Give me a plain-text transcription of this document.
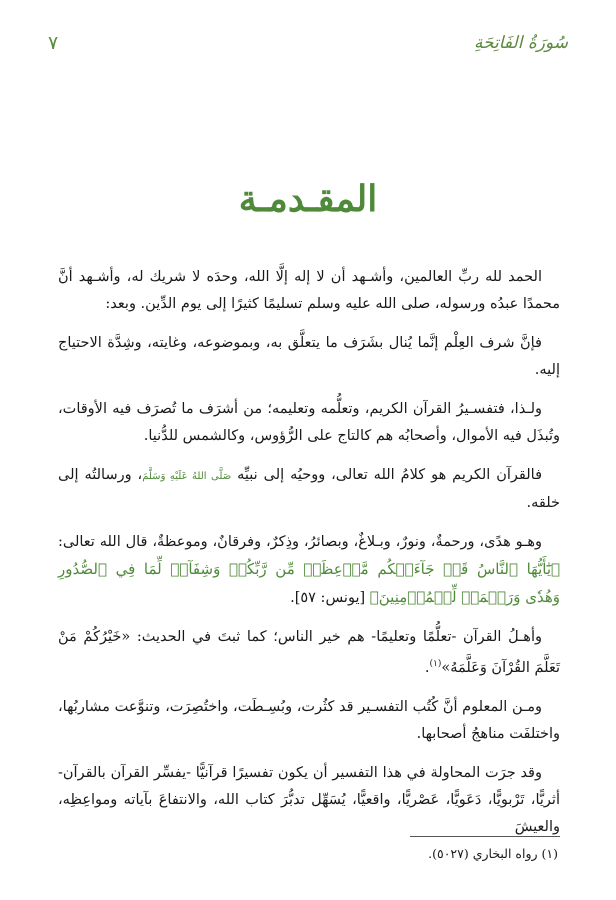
سُورَةُ الفَاتِحَةِ
٧
المقـدمـة

الحمد لله ربِّ العالمين، وأشـهد أن لا إله إلَّا الله، وحدَه لا شريك له، وأشـهد أنَّ محمدًا عبدُه ورسوله، صلى الله عليه وسلم تسليمًا كثيرًا إلى يوم الدِّين. وبعد:

فإنَّ شرف العِلْم إنَّما يُنال بشَرَف ما يتعلَّق به، وبموضوعه، وغايته، وشِدَّة الاحتياج إليه.

ولـذا، فتفسـيرُ القرآن الكريم، وتعلُّمه وتعليمه؛ من أشرَف ما تُصرَف فيه الأوقات، وتُبذَل فيه الأموال، وأصحابُه هم كالتاج على الرُّؤوس، وكالشمس للدُّنيا.

فالقرآن الكريم هو كلامُ الله تعالى، ووحيُه إلى نبيِّه صَلَّى اللهُ عَلَيْهِ وَسَلَّمَ، ورسالتُه إلى خلقه.

وهـو هدًى، ورحمةٌ، ونورٌ، وبـلاغٌ، وبصائرُ، وذِكرٌ، وفرقانٌ، وموعظةٌ، قال الله تعالى: ﴿يَٰٓأَيُّهَا ٱلنَّاسُ قَدۡ جَآءَتۡكُم مَّوۡعِظَةٞ مِّن رَّبِّكُمۡ وَشِفَآءٞ لِّمَا فِي ٱلصُّدُورِ وَهُدٗى وَرَحۡمَةٞ لِّلۡمُؤۡمِنِينَ﴾ [يونس: ٥٧].

وأهـلُ القرآن -تعلُّمًا وتعليمًا- هم خير الناس؛ كما ثبتَ في الحديث: «خَيْرُكُمْ مَنْ تَعَلَّمَ القُرْآنَ وَعَلَّمَهُ»$^{(١)}$.

ومـن المعلوم أنَّ كُتُب التفسـير قد كثُرت، وبُسِـطَت، واختُصِرَت، وتنوَّعت مشاربُها، واختلفَت مناهجُ أصحابها.

وقد جرَت المحاولة في هذا التفسير أن يكون تفسيرًا قرآنيًّا -يفسِّر القرآن بالقرآن- أثريًّا، تَرْبويًّا، دَعَويًّا، عَصْريًّا، واقعيًّا، يُسَهِّل تدبُّرَ كتاب الله، والانتفاعَ بآياته ومواعِظِه، والعيشَ

(١) رواه البخاري (٥٠٢٧).
